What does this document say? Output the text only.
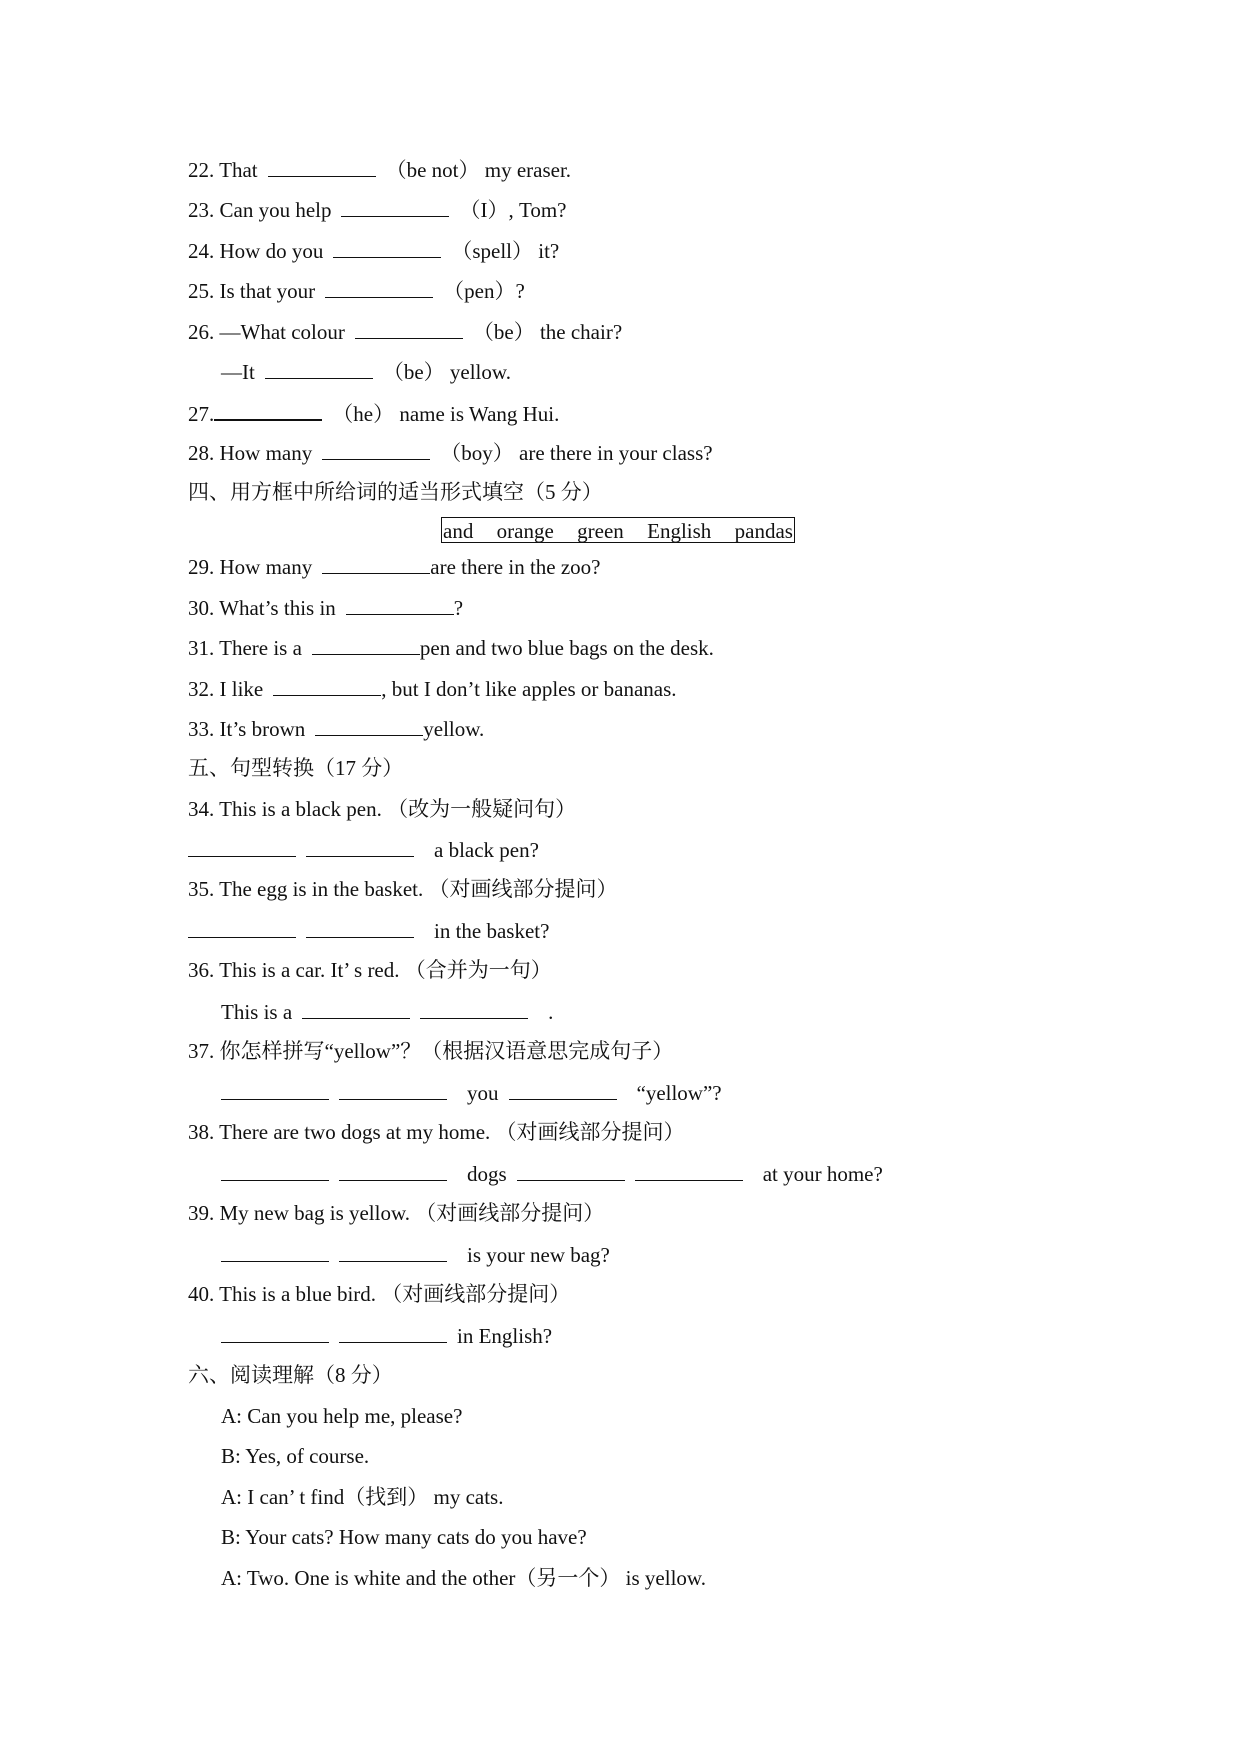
22. That	（be not） my eraser.
23. Can you help	（I）, Tom?
24. How do you	（spell） it?
25. Is that your	（pen）?
26. —What colour	（be） the chair?
—It	（be） yellow.
27.	（he） name is Wang Hui.
28. How many	（boy） are there in your class?
四、用方框中所给词的适当形式填空（5 分）
and orange green English pandas
29. How many	are there in the zoo?
30. What’s this in	?
31. There is a	pen and two blue bags on the desk.
32. I like	, but I don’t like apples or bananas.
33. It’s brown	yellow.
五、句型转换（17 分）
34. This is a black pen. （改为一般疑问句）
a black pen?
35. The egg is in the basket. （对画线部分提问）
in the basket?
36. This is a car. It’ s red. （合并为一句）
This is a	.
37. 你怎样拼写“yellow”？（根据汉语意思完成句子）
you	“yellow”?
38. There are two dogs at my home. （对画线部分提问）
dogs	at your home?
39. My new bag is yellow. （对画线部分提问）
is your new bag?
40. This is a blue bird. （对画线部分提问）
in English?
六、阅读理解（8 分）
A: Can you help me, please?
B: Yes, of course.
A: I can’ t find（找到） my cats.
B: Your cats? How many cats do you have?
A: Two. One is white and the other（另一个） is yellow.
